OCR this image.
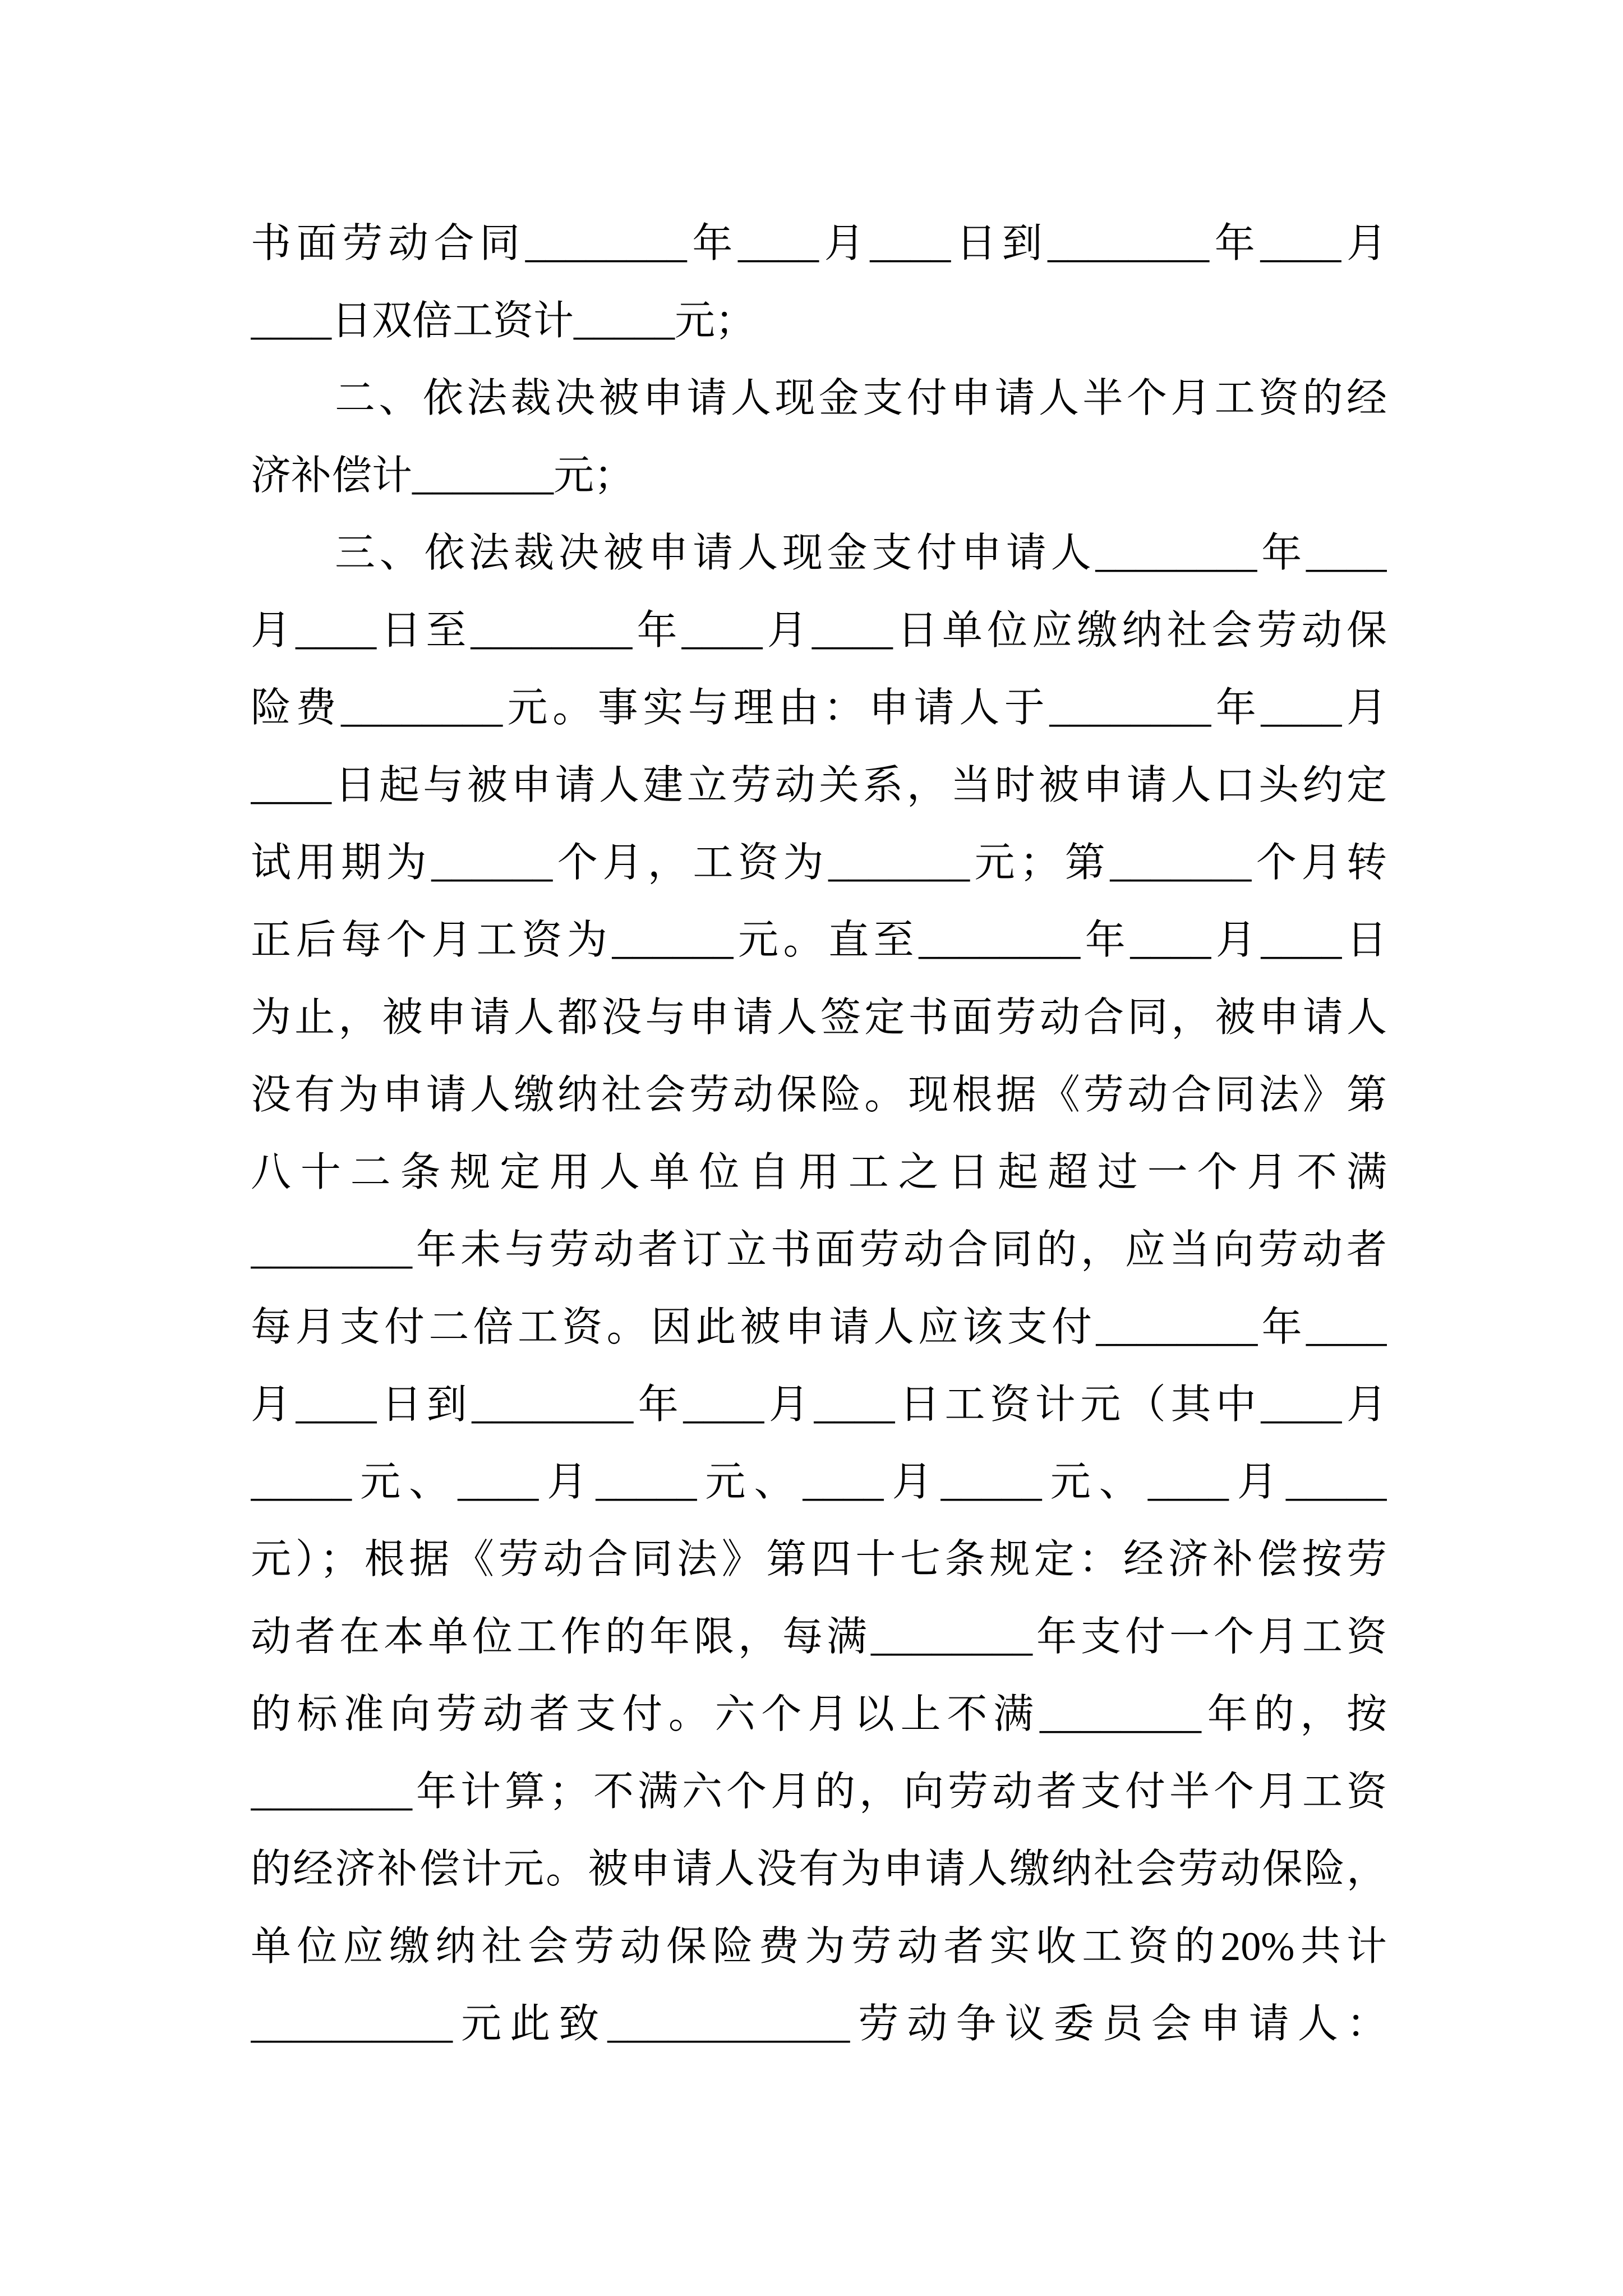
书面劳动合同________年____月____日到________年____月
____日双倍工资计_____元；
二、依法裁决被申请人现金支付申请人半个月工资的经
济补偿计_______元；
三、依法裁决被申请人现金支付申请人________年____
月____日至________年____月____日单位应缴纳社会劳动保
险费________元。事实与理由：申请人于________年____月
____日起与被申请人建立劳动关系，当时被申请人口头约定
试用期为______个月，工资为_______元；第_______个月转
正后每个月工资为______元。直至________年____月____日
为止，被申请人都没与申请人签定书面劳动合同，被申请人
没有为申请人缴纳社会劳动保险。现根据《劳动合同法》第
八十二条规定用人单位自用工之日起超过一个月不满
________年未与劳动者订立书面劳动合同的，应当向劳动者
每月支付二倍工资。因此被申请人应该支付________年____
月____日到________年____月____日工资计元（其中____月
_____元、____月_____元、____月_____元、____月_____
元）；根据《劳动合同法》第四十七条规定：经济补偿按劳
动者在本单位工作的年限，每满________年支付一个月工资
的标准向劳动者支付。六个月以上不满________年的，按
________年计算；不满六个月的，向劳动者支付半个月工资
的经济补偿计元。被申请人没有为申请人缴纳社会劳动保险，
单位应缴纳社会劳动保险费为劳动者实收工资的20%共计
__________元此致____________劳动争议委员会申请人：
